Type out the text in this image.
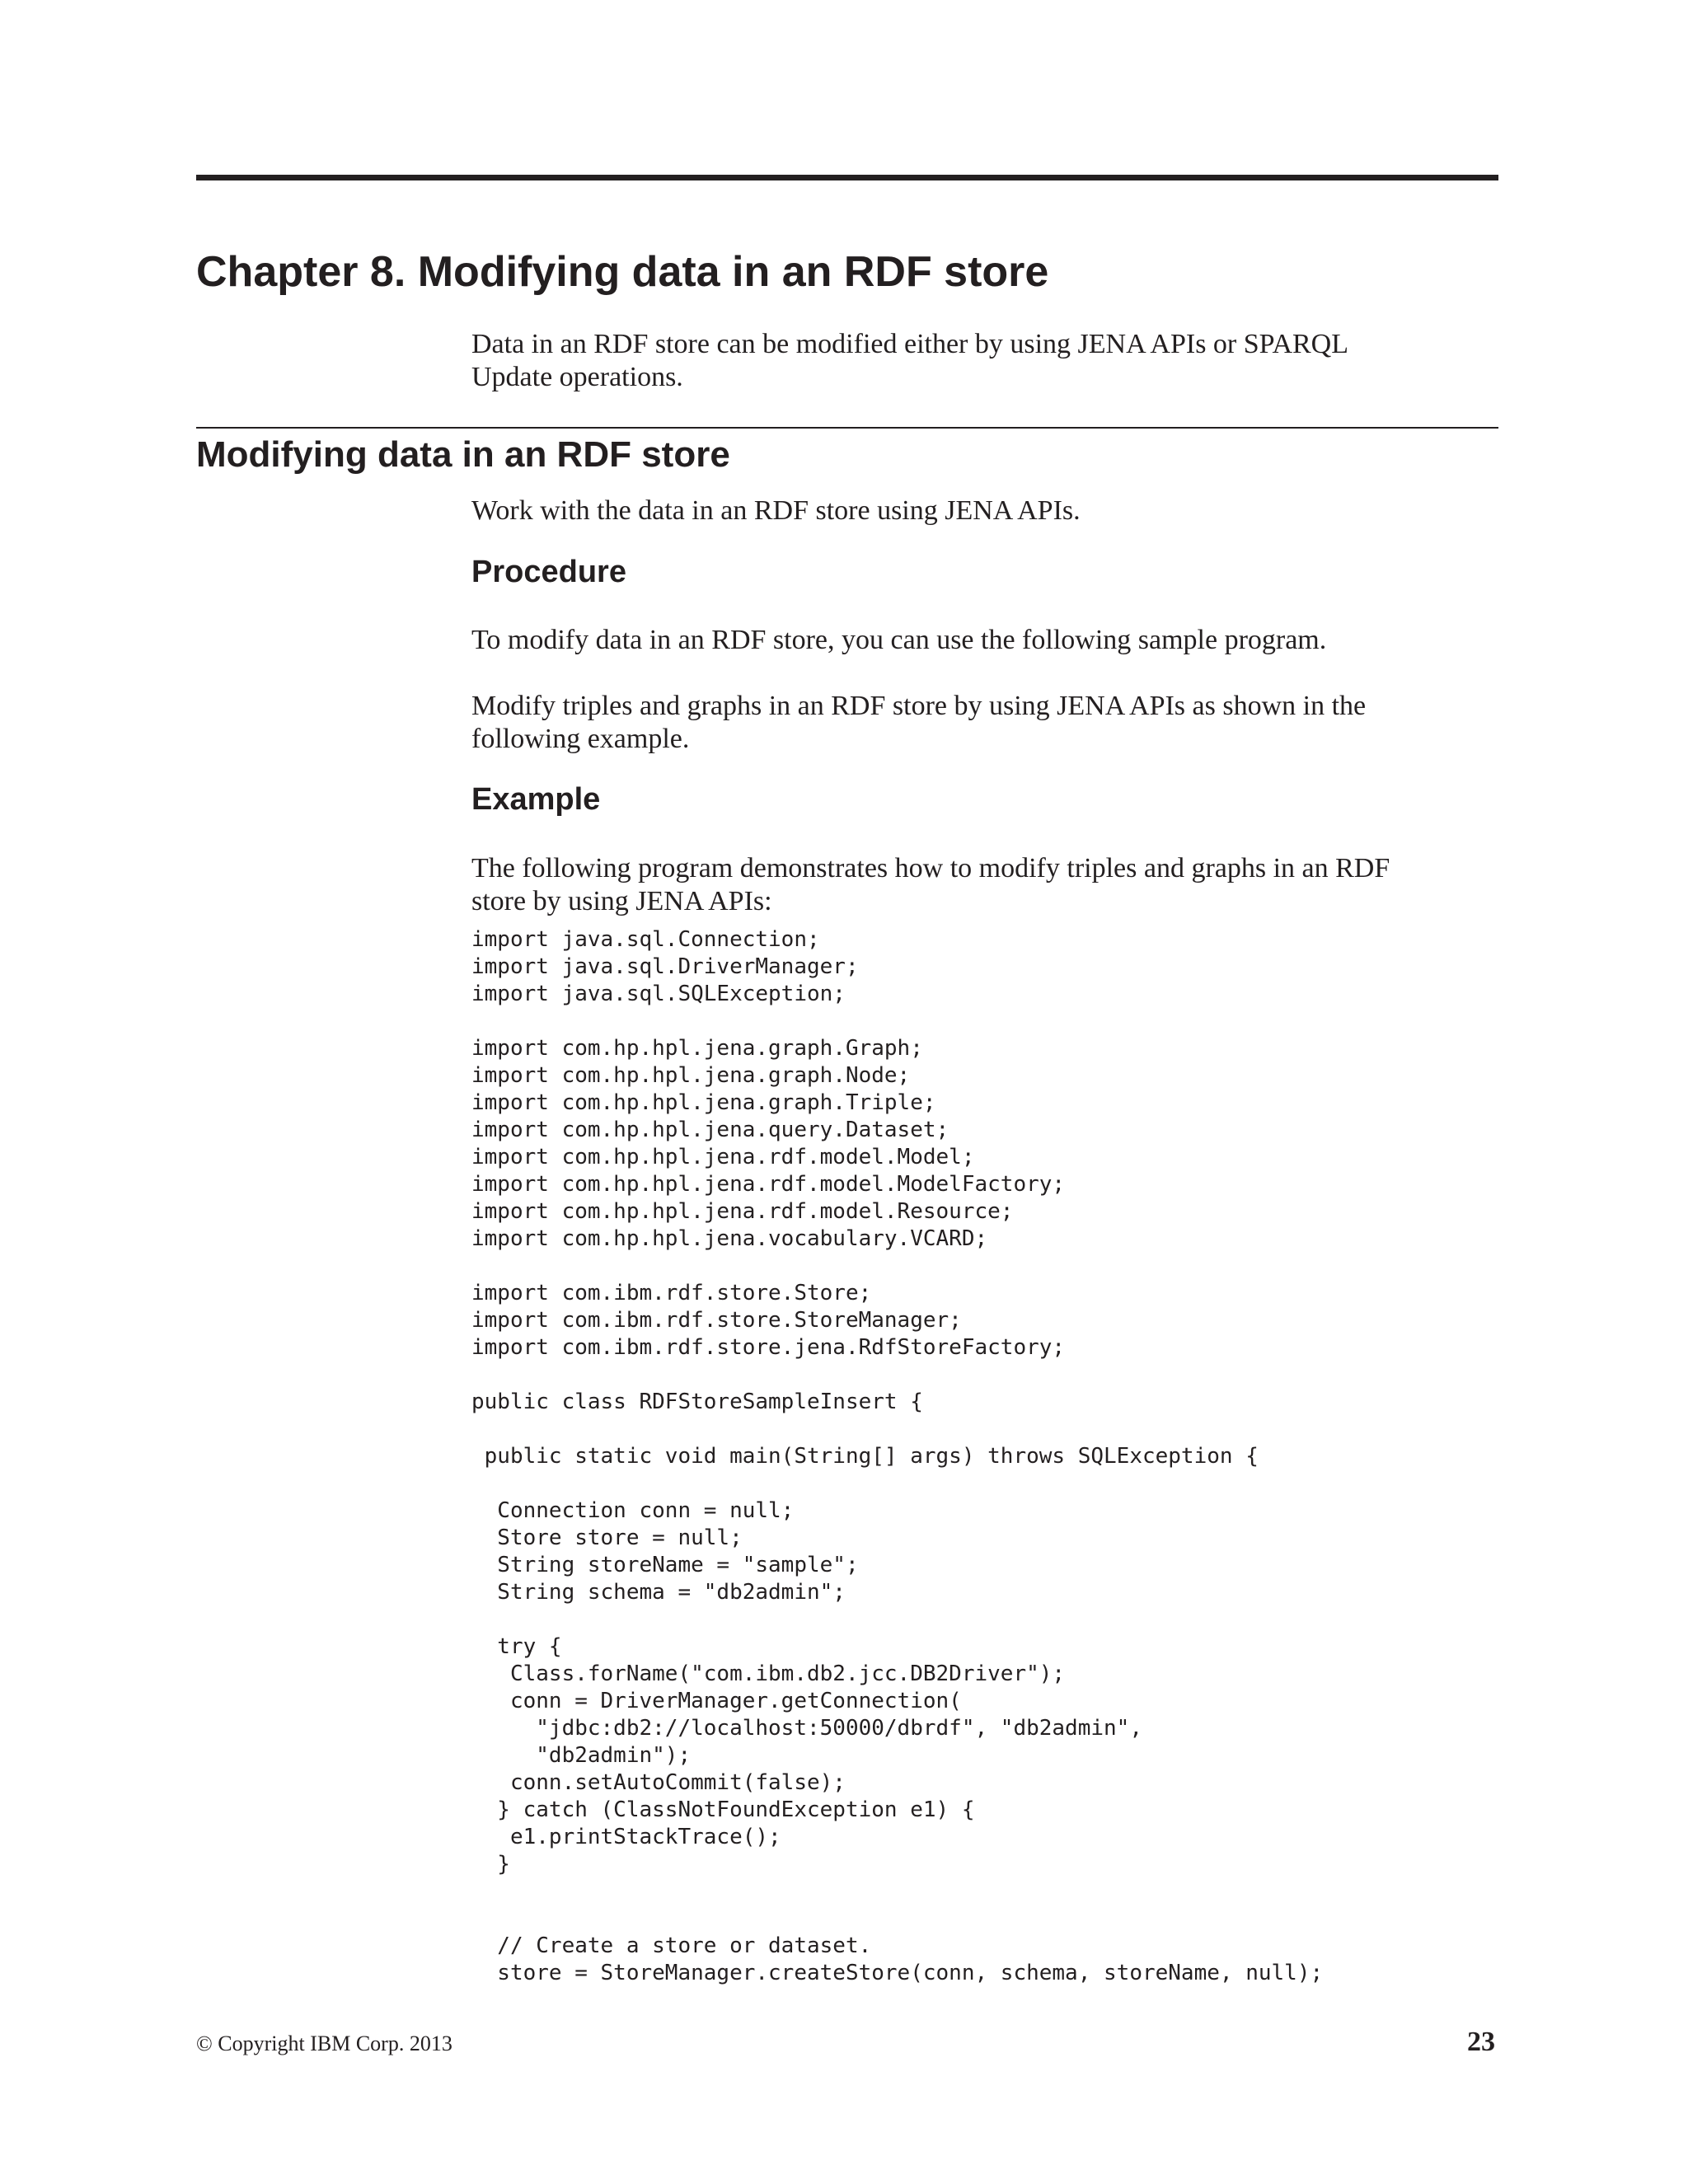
Chapter 8. Modifying data in an RDF store

Data in an RDF store can be modified either by using JENA APIs or SPARQL

Update operations.

Modifying data in an RDF store

Work with the data in an RDF store using JENA APIs.

Procedure

To modify data in an RDF store, you can use the following sample program.

Modify triples and graphs in an RDF store by using JENA APIs as shown in the

following example.

Example

The following program demonstrates how to modify triples and graphs in an RDF

store by using JENA APIs:

import java.sql.Connection;
import java.sql.DriverManager;
import java.sql.SQLException;

import com.hp.hpl.jena.graph.Graph;
import com.hp.hpl.jena.graph.Node;
import com.hp.hpl.jena.graph.Triple;
import com.hp.hpl.jena.query.Dataset;
import com.hp.hpl.jena.rdf.model.Model;
import com.hp.hpl.jena.rdf.model.ModelFactory;
import com.hp.hpl.jena.rdf.model.Resource;
import com.hp.hpl.jena.vocabulary.VCARD;

import com.ibm.rdf.store.Store;
import com.ibm.rdf.store.StoreManager;
import com.ibm.rdf.store.jena.RdfStoreFactory;

public class RDFStoreSampleInsert {

public static void main(String[] args) throws SQLException {

Connection conn = null;
Store store = null;
String storeName = "sample";
String schema = "db2admin";

try {
Class.forName("com.ibm.db2.jcc.DB2Driver");
conn = DriverManager.getConnection(
"jdbc:db2://localhost:50000/dbrdf", "db2admin",
"db2admin");
conn.setAutoCommit(false);
} catch (ClassNotFoundException e1) {
e1.printStackTrace();
}

// Create a store or dataset.
store = StoreManager.createStore(conn, schema, storeName, null);
© Copyright IBM Corp. 2013	23
